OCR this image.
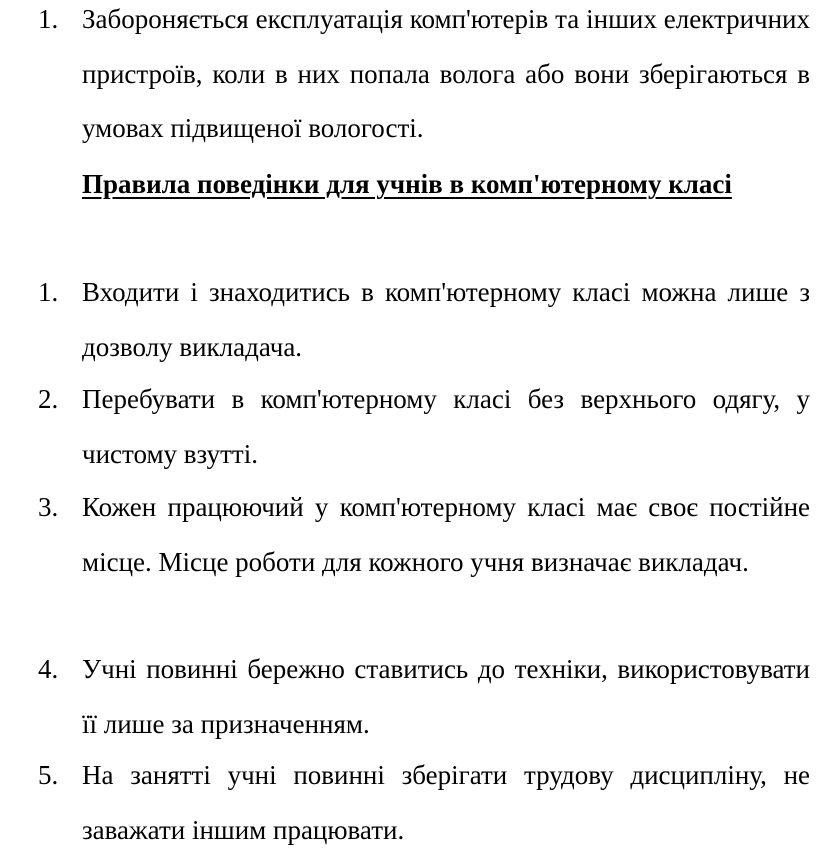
1. Забороняється експлуатація комп'ютерів та інших електричних пристроїв, коли в них попала волога або вони зберігаються в умовах підвищеної вологості.
Правила поведінки для учнів в комп'ютерному класі
1. Входити і знаходитись в комп'ютерному класі можна лише з дозволу викладача.
2. Перебувати в комп'ютерному класі без верхнього одягу, у чистому взутті.
3. Кожен працюючий у комп'ютерному класі має своє постійне місце. Місце роботи для кожного учня визначає викладач.
4. Учні повинні бережно ставитись до техніки, використовувати її лише за призначенням.
5. На занятті учні повинні зберігати трудову дисципліну, не заважати іншим працювати.
